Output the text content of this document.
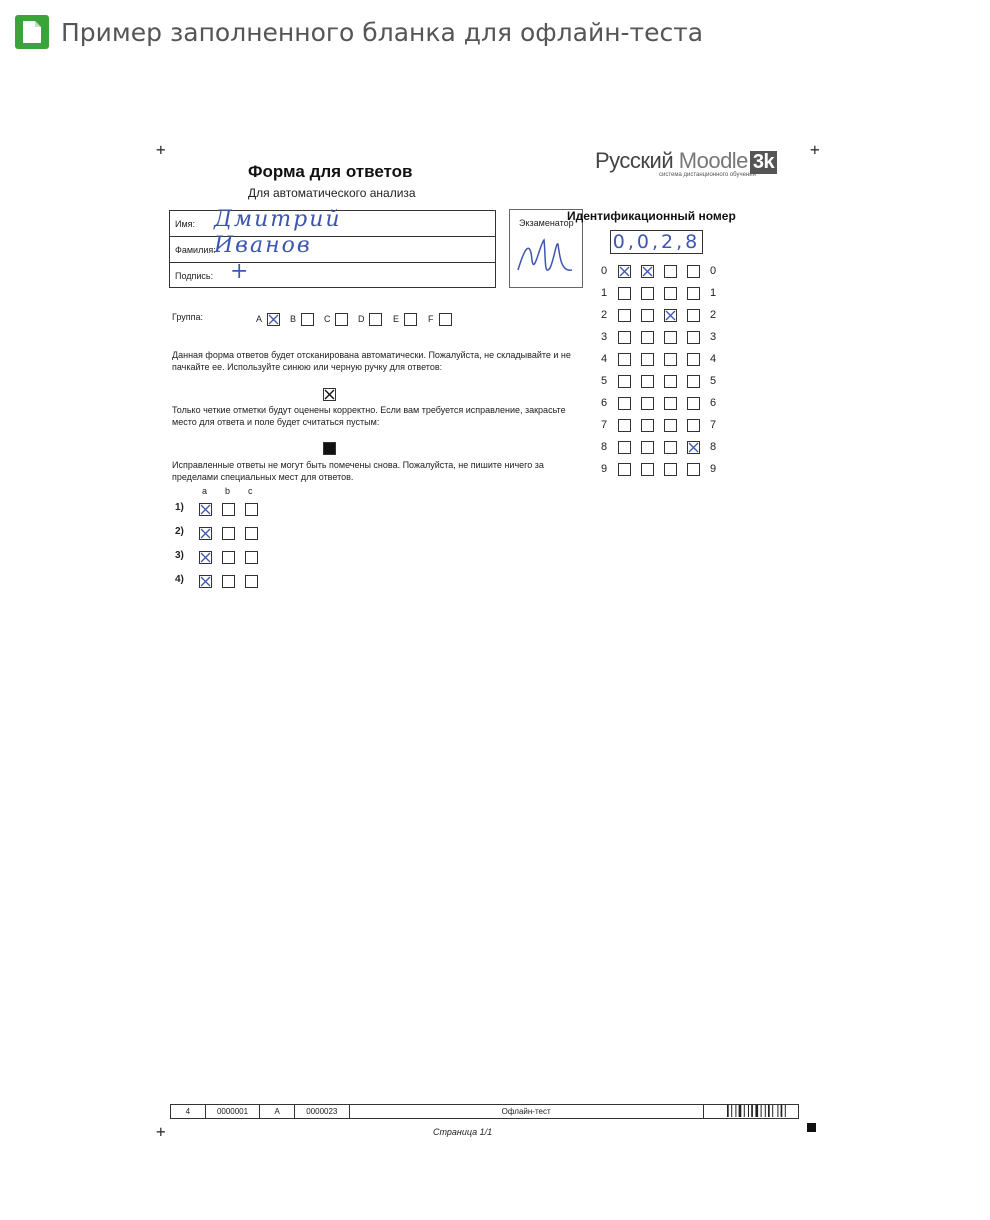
Пример заполненного бланка для офлайн-теста
+	+
+
Русский Moodle 3k
система дистанционного обучения
Форма для ответов
Для автоматического анализа
Имя: Дмитрий
Фамилия:
Иванов
Подпись: +
Экзаменатор
Идентификационный номер
0,0,2,8
0	0
1	1
2	2
3	3
4	4
5	5
6	6
7	7
8	8
9	9
Группа:	A	B	C	D	E	F
Данная форма ответов будет отсканирована автоматически. Пожалуйста, не складывайте и не пачкайте ее. Используйте синюю или черную ручку для ответов:
Только четкие отметки будут оценены корректно. Если вам требуется исправление, закрасьте место для ответа и поле будет считаться пустым:
Исправленные ответы не могут быть помечены снова. Пожалуйста, не пишите ничего за пределами специальных мест для ответов.
a b c
1)
2)
3)
4)
4	0000001	A	0000023	Офлайн-тест
Страница 1/1
